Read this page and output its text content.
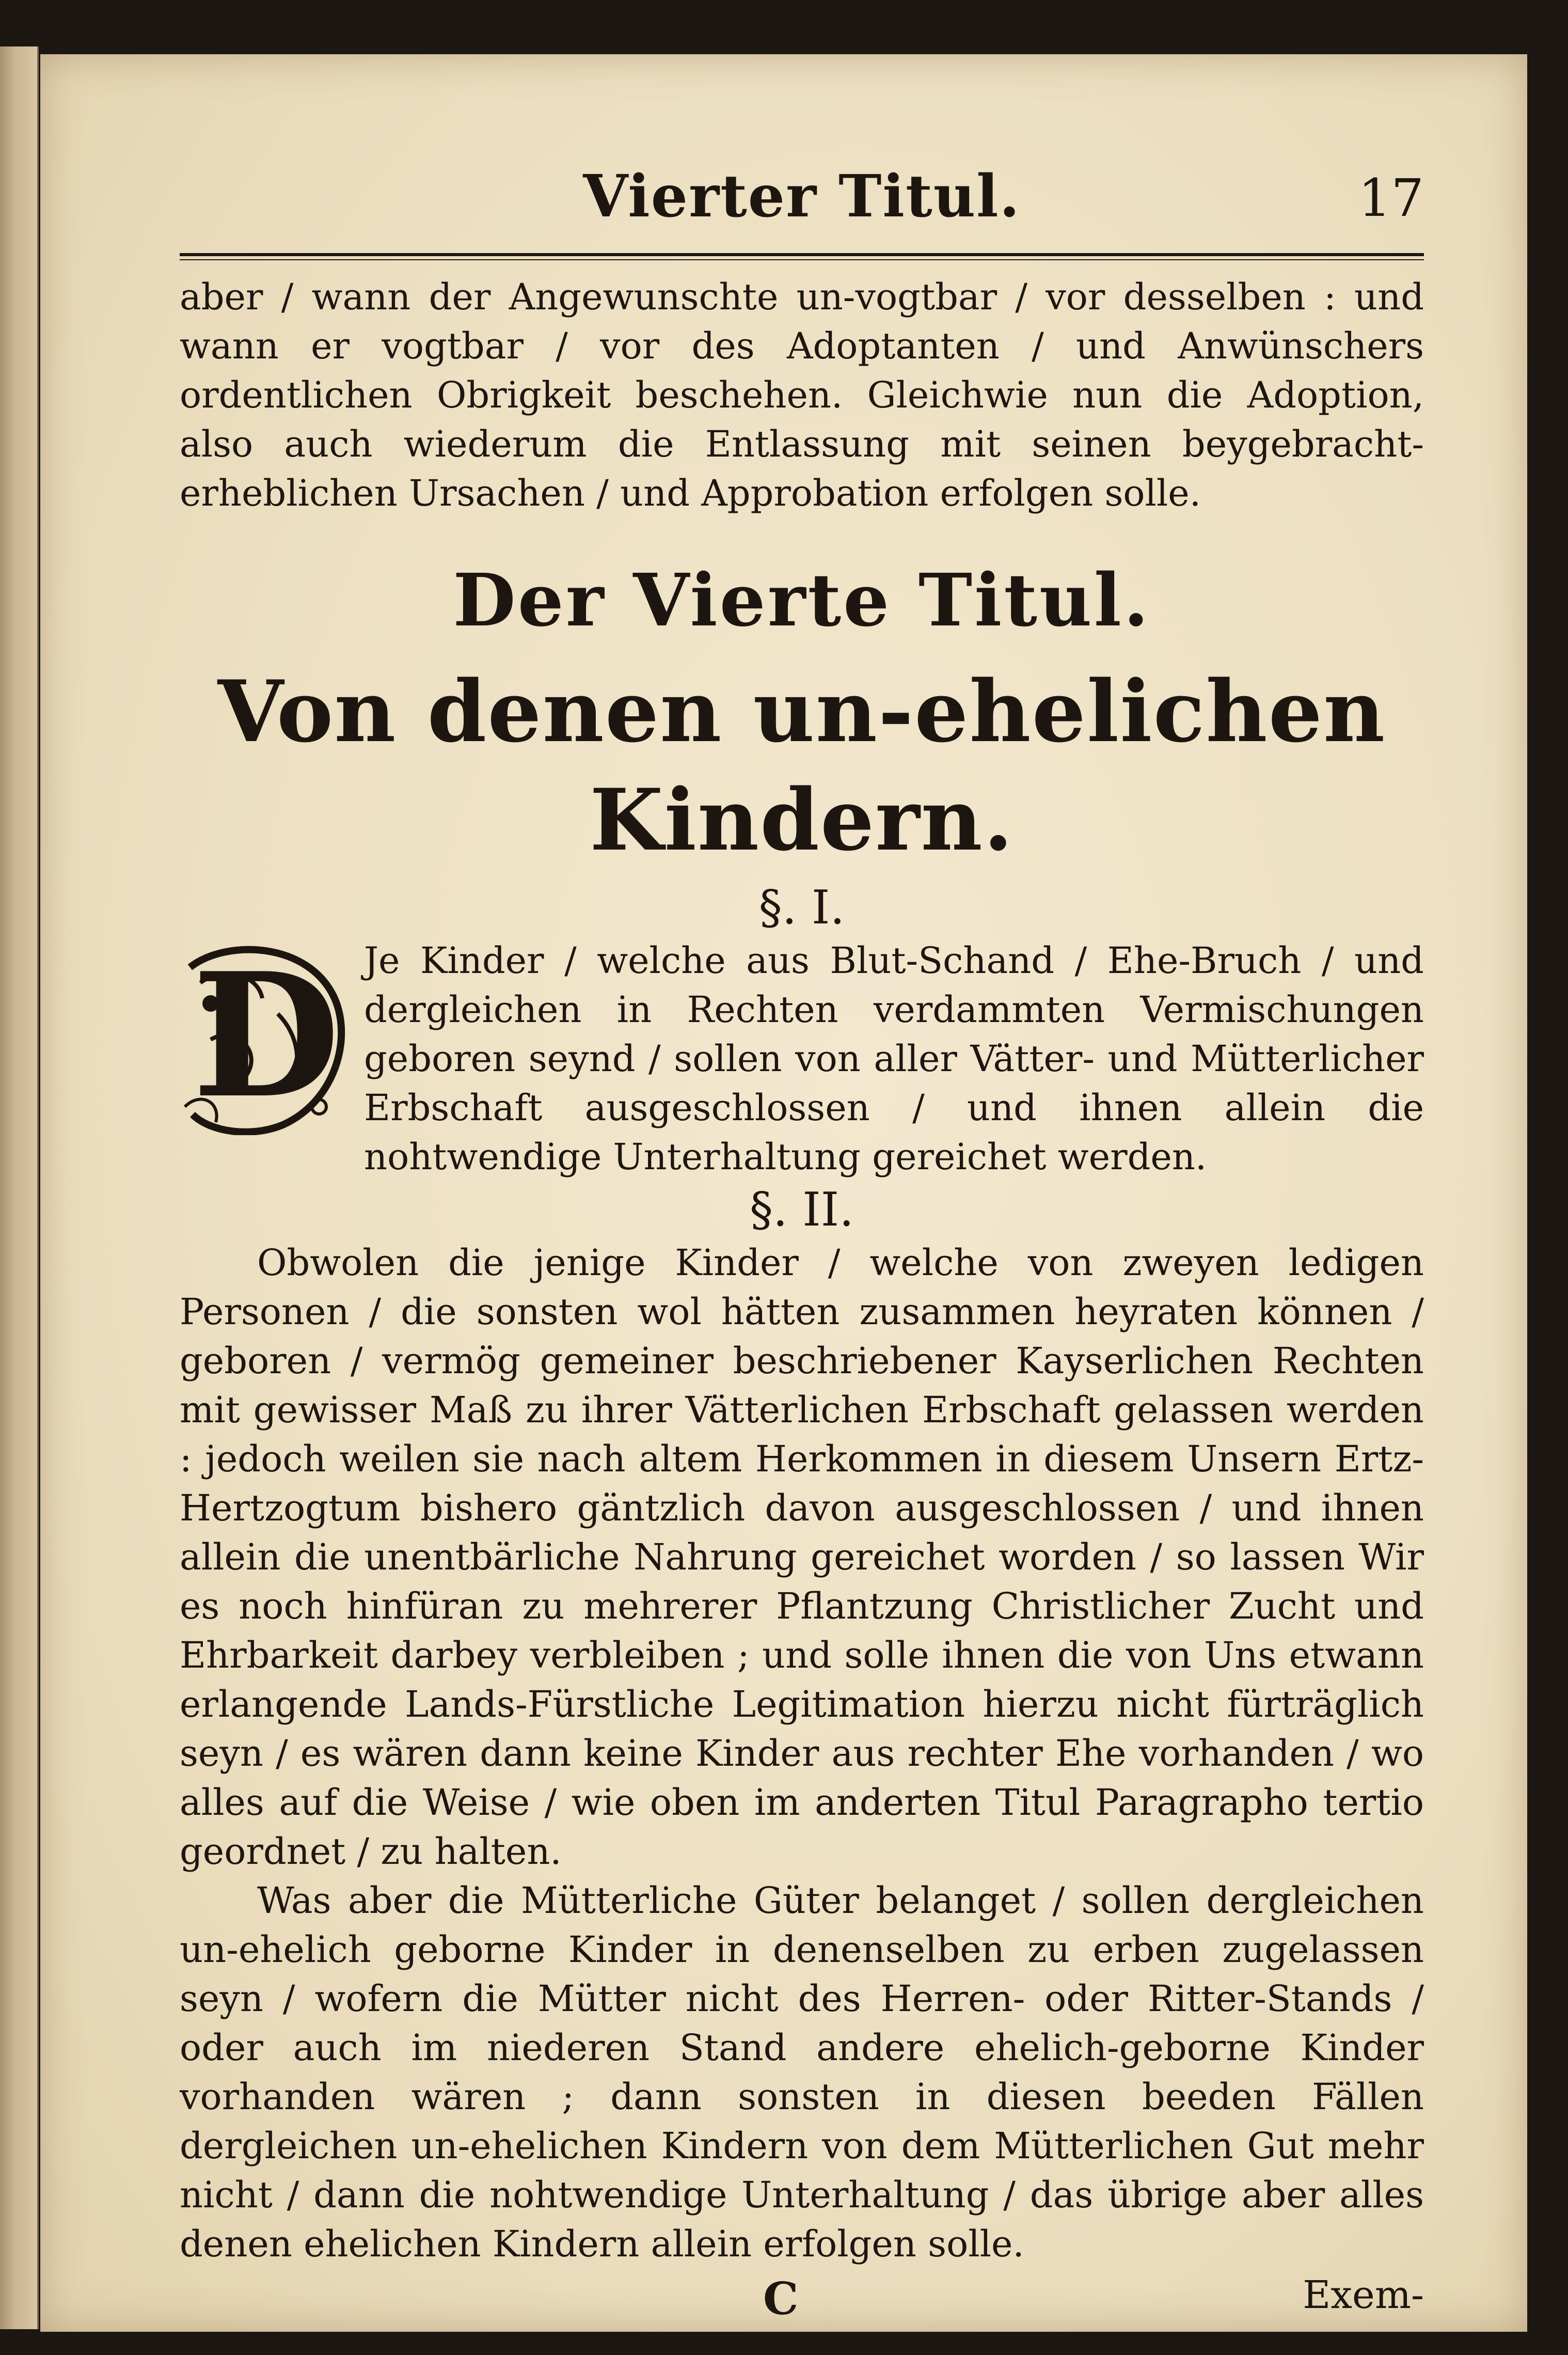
Vierter Titul.	17

aber / wann der Angewunschte un-vogtbar / vor desselben : und wann er vogtbar / vor des Adoptanten / und Anwünschers ordentlichen Obrigkeit beschehen. Gleichwie nun die Adoption, also auch wiederum die Entlassung mit seinen beygebracht-erheblichen Ursachen / und Approbation erfolgen solle.

Der Vierte Titul.
Von denen un-ehelichen Kindern.
§. I.
D Je Kinder / welche aus Blut-Schand / Ehe-Bruch / und dergleichen in Rechten verdammten Vermischungen geboren seynd / sollen von aller Vätter- und Mütterlicher Erbschaft ausgeschlossen / und ihnen allein die nohtwendige Unterhaltung gereichet werden.

§. II.

Obwolen die jenige Kinder / welche von zweyen ledigen Personen / die sonsten wol hätten zusammen heyraten können / geboren / vermög gemeiner beschriebener Kayserlichen Rechten mit gewisser Maß zu ihrer Vätterlichen Erbschaft gelassen werden : jedoch weilen sie nach altem Herkommen in diesem Unsern Ertz-Hertzogtum bishero gäntzlich davon ausgeschlossen / und ihnen allein die unentbärliche Nahrung gereichet worden / so lassen Wir es noch hinfüran zu mehrerer Pflantzung Christlicher Zucht und Ehrbarkeit darbey verbleiben ; und solle ihnen die von Uns etwann erlangende Lands-Fürstliche Legitimation hierzu nicht fürträglich seyn / es wären dann keine Kinder aus rechter Ehe vorhanden / wo alles auf die Weise / wie oben im anderten Titul Paragrapho tertio geordnet / zu halten.

Was aber die Mütterliche Güter belanget / sollen dergleichen un-ehelich geborne Kinder in denenselben zu erben zugelassen seyn / wofern die Mütter nicht des Herren- oder Ritter-Stands / oder auch im niederen Stand andere ehelich-geborne Kinder vorhanden wären ; dann sonsten in diesen beeden Fällen dergleichen un-ehelichen Kindern von dem Mütterlichen Gut mehr nicht / dann die nohtwendige Unterhaltung / das übrige aber alles denen ehelichen Kindern allein erfolgen solle.

C	Exem-
